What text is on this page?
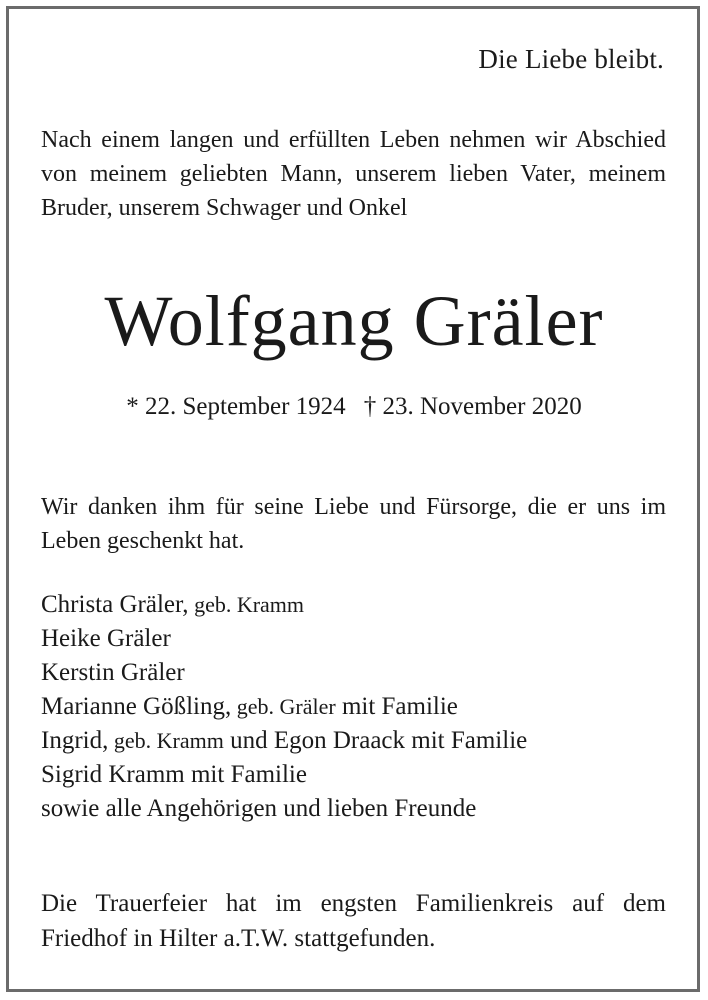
Die Liebe bleibt.
Nach einem langen und erfüllten Leben nehmen wir Abschied von meinem geliebten Mann, unserem lieben Vater, meinem Bruder, unserem Schwager und Onkel
Wolfgang Gräler
* 22. September 1924 † 23. November 2020
Wir danken ihm für seine Liebe und Fürsorge, die er uns im Leben geschenkt hat.
Christa Gräler, geb. Kramm
Heike Gräler
Kerstin Gräler
Marianne Gößling, geb. Gräler mit Familie
Ingrid, geb. Kramm und Egon Draack mit Familie
Sigrid Kramm mit Familie
sowie alle Angehörigen und lieben Freunde
Die Trauerfeier hat im engsten Familienkreis auf dem Friedhof in Hilter a.T.W. stattgefunden.
